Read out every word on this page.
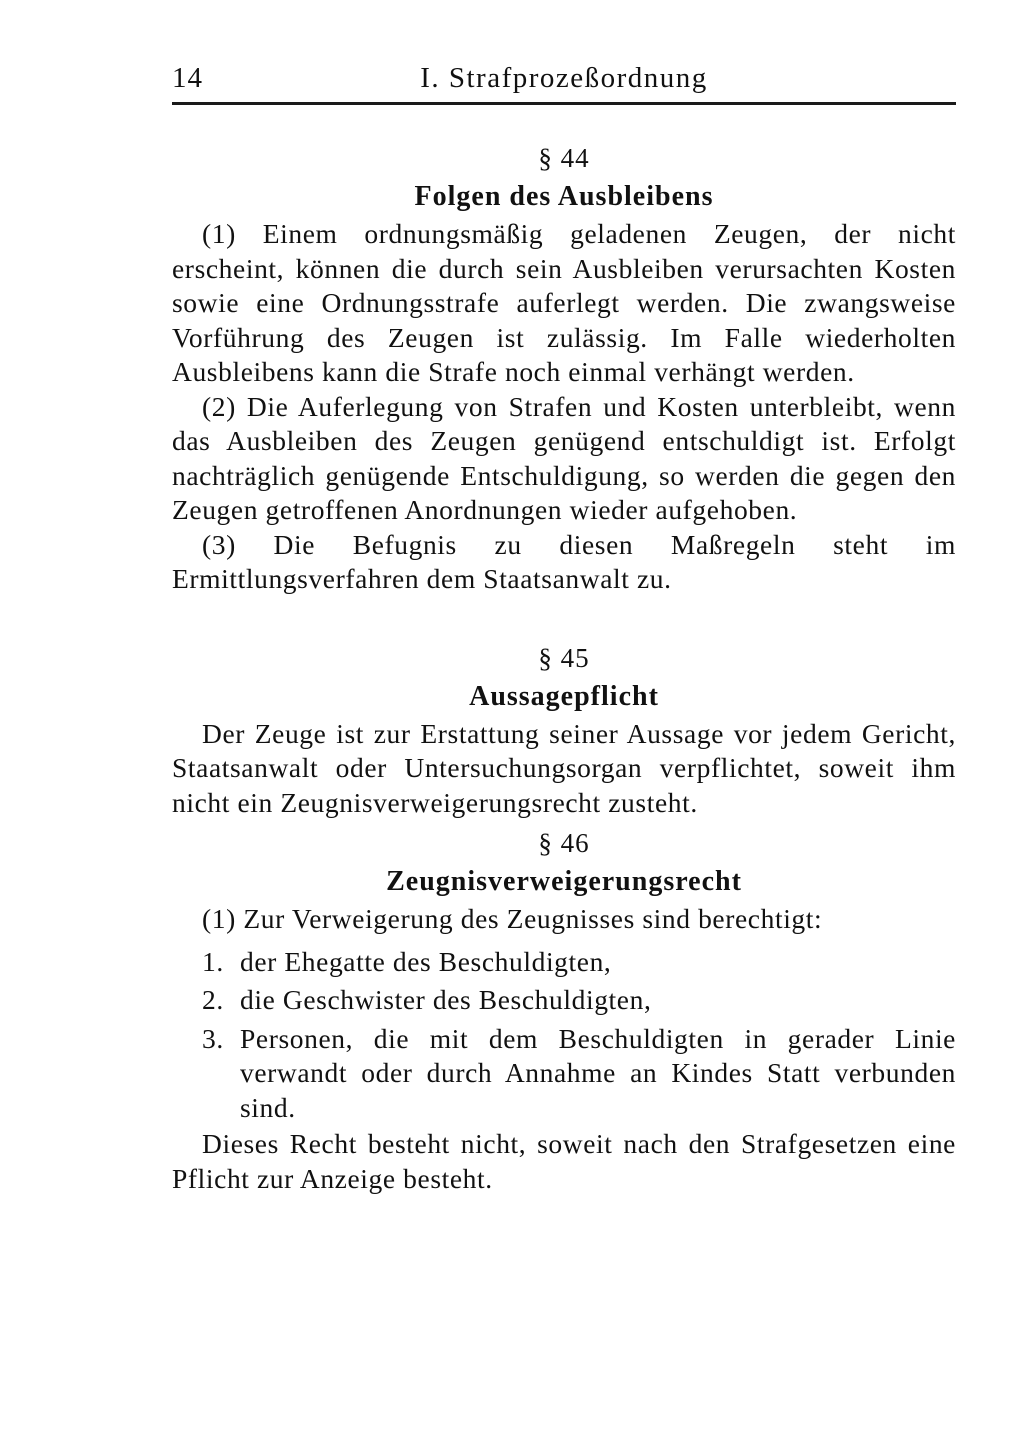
14	I. Strafprozeßordnung
§ 44
Folgen des Ausbleibens

(1) Einem ordnungsmäßig geladenen Zeugen, der nicht erscheint, können die durch sein Ausbleiben verursachten Kosten sowie eine Ordnungsstrafe auferlegt werden. Die zwangsweise Vorführung des Zeugen ist zulässig. Im Falle wiederholten Ausbleibens kann die Strafe noch einmal verhängt werden.

(2) Die Auferlegung von Strafen und Kosten unterbleibt, wenn das Ausbleiben des Zeugen genügend entschuldigt ist. Erfolgt nachträglich genügende Entschuldigung, so werden die gegen den Zeugen getroffenen Anordnungen wieder aufgehoben.

(3) Die Befugnis zu diesen Maßregeln steht im Ermittlungsverfahren dem Staatsanwalt zu.

§ 45
Aussagepflicht

Der Zeuge ist zur Erstattung seiner Aussage vor jedem Gericht, Staatsanwalt oder Untersuchungsorgan verpflichtet, soweit ihm nicht ein Zeugnisverweigerungsrecht zusteht.

§ 46
Zeugnisverweigerungsrecht

(1) Zur Verweigerung des Zeugnisses sind berechtigt:

1. der Ehegatte des Beschuldigten,
2. die Geschwister des Beschuldigten,
3. Personen, die mit dem Beschuldigten in gerader Linie verwandt oder durch Annahme an Kindes Statt verbunden sind.

Dieses Recht besteht nicht, soweit nach den Strafgesetzen eine Pflicht zur Anzeige besteht.
